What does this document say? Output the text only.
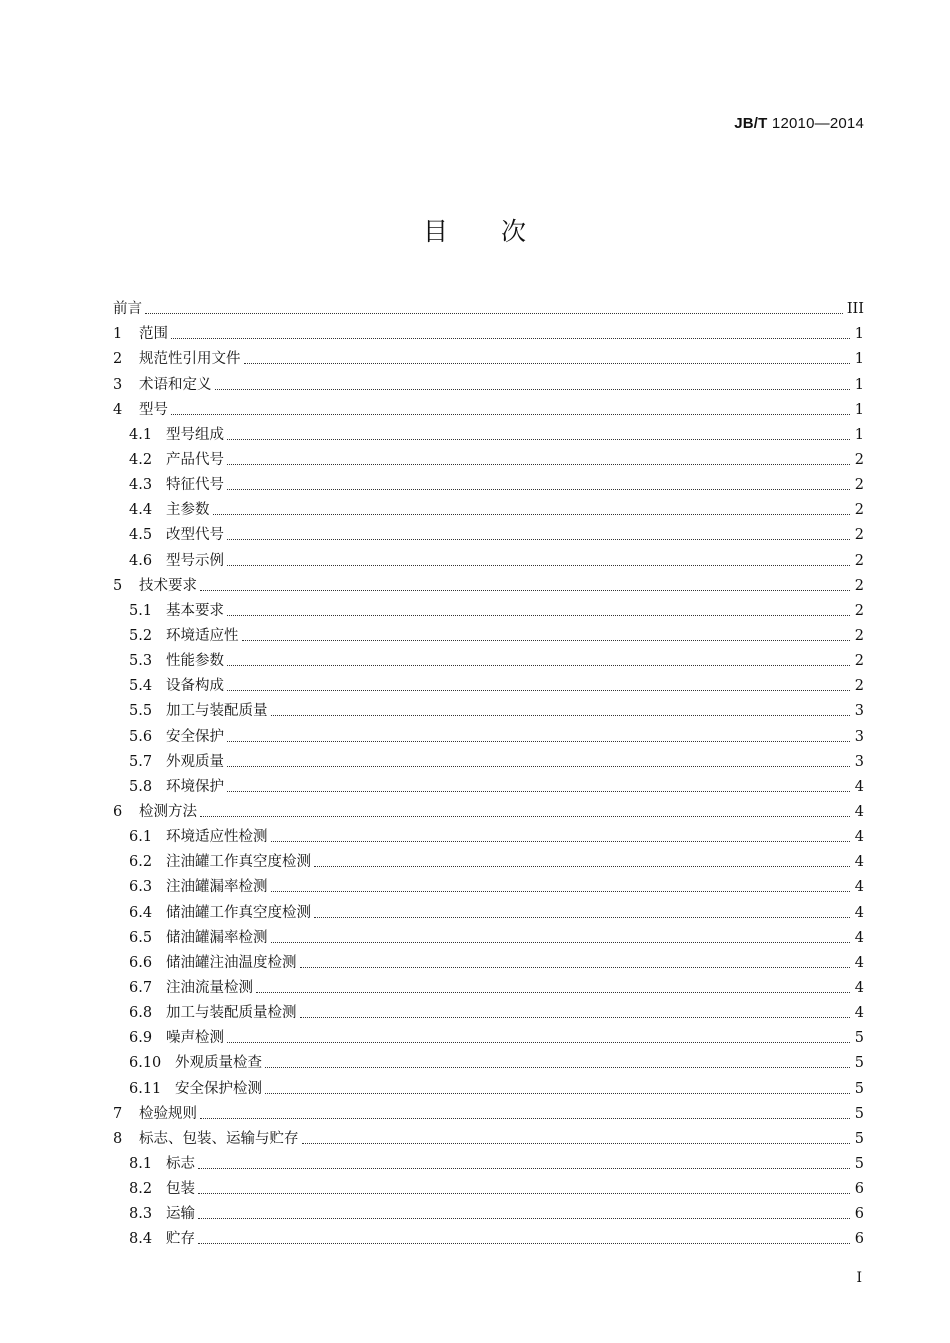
JB/T 12010—2014
目 次
前言	III
1	范围	1
2	规范性引用文件	1
3	术语和定义	1
4	型号	1
4.1 型号组成	1
4.2 产品代号	2
4.3 特征代号	2
4.4 主参数	2
4.5 改型代号	2
4.6 型号示例	2
5	技术要求	2
5.1 基本要求	2
5.2 环境适应性	2
5.3 性能参数	2
5.4 设备构成	2
5.5 加工与装配质量	3
5.6 安全保护	3
5.7 外观质量	3
5.8 环境保护	4
6	检测方法	4
6.1 环境适应性检测	4
6.2 注油罐工作真空度检测	4
6.3 注油罐漏率检测	4
6.4 储油罐工作真空度检测	4
6.5 储油罐漏率检测	4
6.6 储油罐注油温度检测	4
6.7 注油流量检测	4
6.8 加工与装配质量检测	4
6.9 噪声检测	5
6.10 外观质量检查	5
6.11 安全保护检测	5
7	检验规则	5
8	标志、包装、运输与贮存	5
8.1 标志	5
8.2 包装	6
8.3 运输	6
8.4 贮存	6
I
